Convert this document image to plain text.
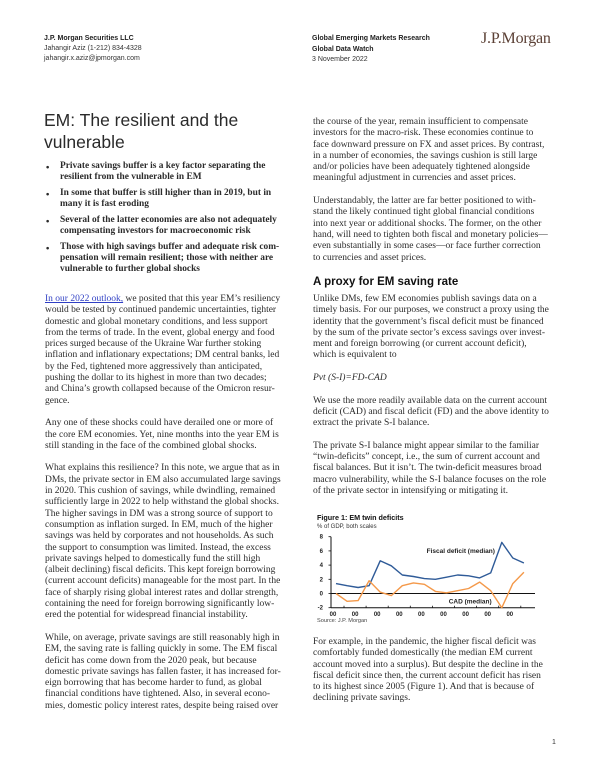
J.P. Morgan Securities LLC
Jahangir Aziz (1-212) 834-4328
jahangir.x.aziz@jpmorgan.com
Global Emerging Markets Research
Global Data Watch
3 November 2022
J.P.Morgan
EM: The resilient and the
vulnerable
• Private savings buffer is a key factor separating the
resilient from the vulnerable in EM
• In some that buffer is still higher than in 2019, but in
many it is fast eroding
• Several of the latter economies are also not adequately
compensating investors for macroeconomic risk
• Those with high savings buffer and adequate risk com-
pensation will remain resilient; those with neither are
vulnerable to further global shocks
In our 2022 outlook, we posited that this year EM’s resiliency
would be tested by continued pandemic uncertainties, tighter
domestic and global monetary conditions, and less support
from the terms of trade. In the event, global energy and food
prices surged because of the Ukraine War further stoking
inflation and inflationary expectations; DM central banks, led
by the Fed, tightened more aggressively than anticipated,
pushing the dollar to its highest in more than two decades;
and China’s growth collapsed because of the Omicron resur-
gence.
Any one of these shocks could have derailed one or more of
the core EM economies. Yet, nine months into the year EM is
still standing in the face of the combined global shocks.
What explains this resilience? In this note, we argue that as in
DMs, the private sector in EM also accumulated large savings
in 2020. This cushion of savings, while dwindling, remained
sufficiently large in 2022 to help withstand the global shocks.
The higher savings in DM was a strong source of support to
consumption as inflation surged. In EM, much of the higher
savings was held by corporates and not households. As such
the support to consumption was limited. Instead, the excess
private savings helped to domestically fund the still high
(albeit declining) fiscal deficits. This kept foreign borrowing
(current account deficits) manageable for the most part. In the
face of sharply rising global interest rates and dollar strength,
containing the need for foreign borrowing significantly low-
ered the potential for widespread financial instability.
While, on average, private savings are still reasonably high in
EM, the saving rate is falling quickly in some. The EM fiscal
deficit has come down from the 2020 peak, but because
domestic private savings has fallen faster, it has increased for-
eign borrowing that has become harder to fund, as global
financial conditions have tightened. Also, in several econo-
mies, domestic policy interest rates, despite being raised over
the course of the year, remain insufficient to compensate
investors for the macro-risk. These economies continue to
face downward pressure on FX and asset prices. By contrast,
in a number of economies, the savings cushion is still large
and/or policies have been adequately tightened alongside
meaningful adjustment in currencies and asset prices.
Understandably, the latter are far better positioned to with-
stand the likely continued tight global financial conditions
into next year or additional shocks. The former, on the other
hand, will need to tighten both fiscal and monetary policies—
even substantially in some cases—or face further correction
to currencies and asset prices.
A proxy for EM saving rate
Unlike DMs, few EM economies publish savings data on a
timely basis. For our purposes, we construct a proxy using the
identity that the government’s fiscal deficit must be financed
by the sum of the private sector’s excess savings over invest-
ment and foreign borrowing (or current account deficit),
which is equivalent to
Pvt (S-I)=FD-CAD
We use the more readily available data on the current account
deficit (CAD) and fiscal deficit (FD) and the above identity to
extract the private S-I balance.
The private S-I balance might appear similar to the familiar
“twin-deficits” concept, i.e., the sum of current account and
fiscal balances. But it isn’t. The twin-deficit measures broad
macro vulnerability, while the S-I balance focuses on the role
of the private sector in intensifying or mitigating it.
Figure 1: EM twin deficits
% of GDP, both scales
8
6
4
2
0
-2
00	00	00	00	00	00	00	00	00
Fiscal deficit (median)
CAD (median)
Source: J.P. Morgan
For example, in the pandemic, the higher fiscal deficit was
comfortably funded domestically (the median EM current
account moved into a surplus). But despite the decline in the
fiscal deficit since then, the current account deficit has risen
to its highest since 2005 (Figure 1). And that is because of
declining private savings.
1
